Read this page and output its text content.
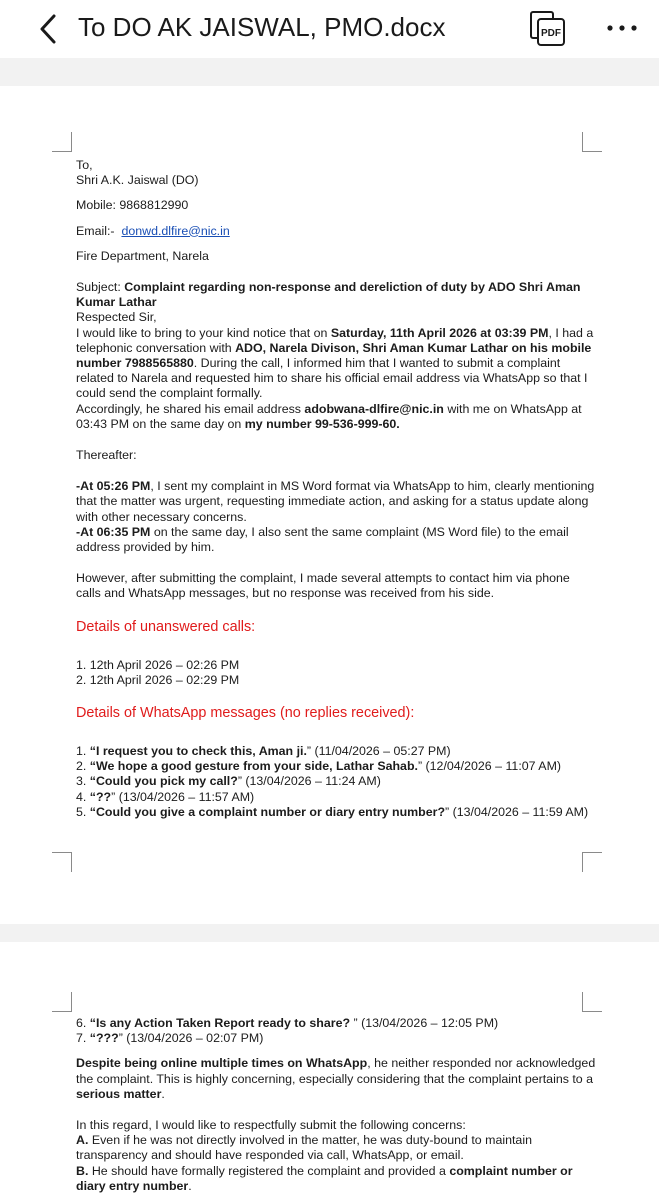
To DO AK JAISWAL, PMO.docx	PDF

To,

Shri A.K. Jaiswal (DO)

Mobile: 9868812990

Email:- donwd.dlfire@nic.in

Fire Department, Narela

Subject: Complaint regarding non-response and dereliction of duty by ADO Shri Aman Kumar Lathar

Respected Sir,

I would like to bring to your kind notice that on Saturday, 11th April 2026 at 03:39 PM, I had a telephonic conversation with ADO, Narela Divison, Shri Aman Kumar Lathar on his mobile number 7988565880. During the call, I informed him that I wanted to submit a complaint related to Narela and requested him to share his official email address via WhatsApp so that I could send the complaint formally.

Accordingly, he shared his email address adobwana-dlfire@nic.in with me on WhatsApp at 03:43 PM on the same day on my number 99-536-999-60.

Thereafter:

-At 05:26 PM, I sent my complaint in MS Word format via WhatsApp to him, clearly mentioning that the matter was urgent, requesting immediate action, and asking for a status update along with other necessary concerns.

-At 06:35 PM on the same day, I also sent the same complaint (MS Word file) to the email address provided by him.

However, after submitting the complaint, I made several attempts to contact him via phone calls and WhatsApp messages, but no response was received from his side.

Details of unanswered calls:

1. 12th April 2026 – 02:26 PM
2. 12th April 2026 – 02:29 PM

Details of WhatsApp messages (no replies received):

1. “I request you to check this, Aman ji.” (11/04/2026 – 05:27 PM)
2. “We hope a good gesture from your side, Lathar Sahab.” (12/04/2026 – 11:07 AM)
3. “Could you pick my call?” (13/04/2026 – 11:24 AM)
4. “??” (13/04/2026 – 11:57 AM)
5. “Could you give a complaint number or diary entry number?” (13/04/2026 – 11:59 AM)
6. “Is any Action Taken Report ready to share? ” (13/04/2026 – 12:05 PM)
7. “???” (13/04/2026 – 02:07 PM)

Despite being online multiple times on WhatsApp, he neither responded nor acknowledged the complaint. This is highly concerning, especially considering that the complaint pertains to a serious matter.

In this regard, I would like to respectfully submit the following concerns:

A. Even if he was not directly involved in the matter, he was duty-bound to maintain transparency and should have responded via call, WhatsApp, or email.

B. He should have formally registered the complaint and provided a complaint number or diary entry number.
